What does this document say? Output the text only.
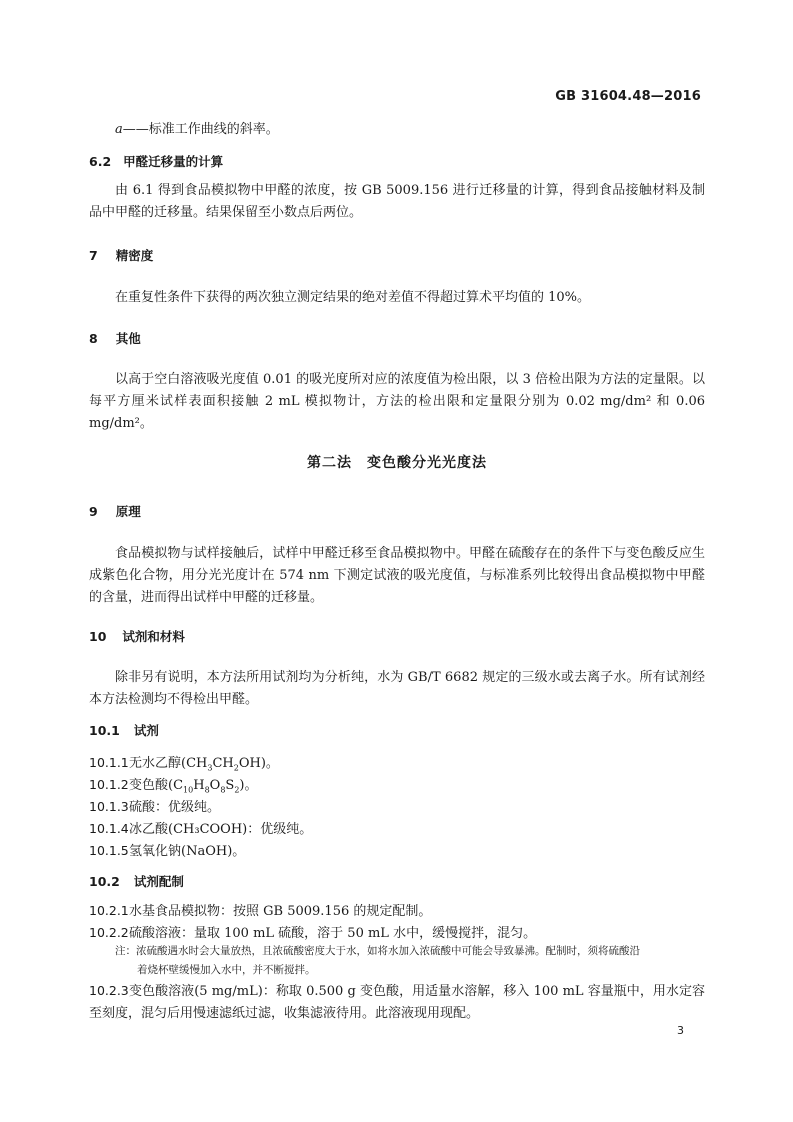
GB 31604.48—2016
a——标准工作曲线的斜率。
6.2 甲醛迁移量的计算
由 6.1 得到食品模拟物中甲醛的浓度，按 GB 5009.156 进行迁移量的计算，得到食品接触材料及制品中甲醛的迁移量。结果保留至小数点后两位。
7 精密度
在重复性条件下获得的两次独立测定结果的绝对差值不得超过算术平均值的 10%。
8 其他
以高于空白溶液吸光度值 0.01 的吸光度所对应的浓度值为检出限，以 3 倍检出限为方法的定量限。以每平方厘米试样表面积接触 2 mL 模拟物计，方法的检出限和定量限分别为 0.02 mg/dm² 和 0.06 mg/dm²。
第二法　变色酸分光光度法
9 原理
食品模拟物与试样接触后，试样中甲醛迁移至食品模拟物中。甲醛在硫酸存在的条件下与变色酸反应生成紫色化合物，用分光光度计在 574 nm 下测定试液的吸光度值，与标准系列比较得出食品模拟物中甲醛的含量，进而得出试样中甲醛的迁移量。
10 试剂和材料
除非另有说明，本方法所用试剂均为分析纯，水为 GB/T 6682 规定的三级水或去离子水。所有试剂经本方法检测均不得检出甲醛。
10.1 试剂
10.1.1无水乙醇$(CH_3CH_2OH)$。
10.1.2变色酸$(C_{10}H_8O_8S_2)$。
10.1.3硫酸：优级纯。
10.1.4冰乙酸(CH₃COOH)：优级纯。
10.1.5氢氧化钠(NaOH)。
10.2 试剂配制
10.2.1水基食品模拟物：按照 GB 5009.156 的规定配制。
10.2.2硫酸溶液：量取 100 mL 硫酸，溶于 50 mL 水中，缓慢搅拌，混匀。
注：浓硫酸遇水时会大量放热，且浓硫酸密度大于水，如将水加入浓硫酸中可能会导致暴沸。配制时，须将硫酸沿
着烧杯壁缓慢加入水中，并不断搅拌。
10.2.3变色酸溶液(5 mg/mL)：称取 0.500 g 变色酸，用适量水溶解，移入 100 mL 容量瓶中，用水定容至刻度，混匀后用慢速滤纸过滤，收集滤液待用。此溶液现用现配。
3
